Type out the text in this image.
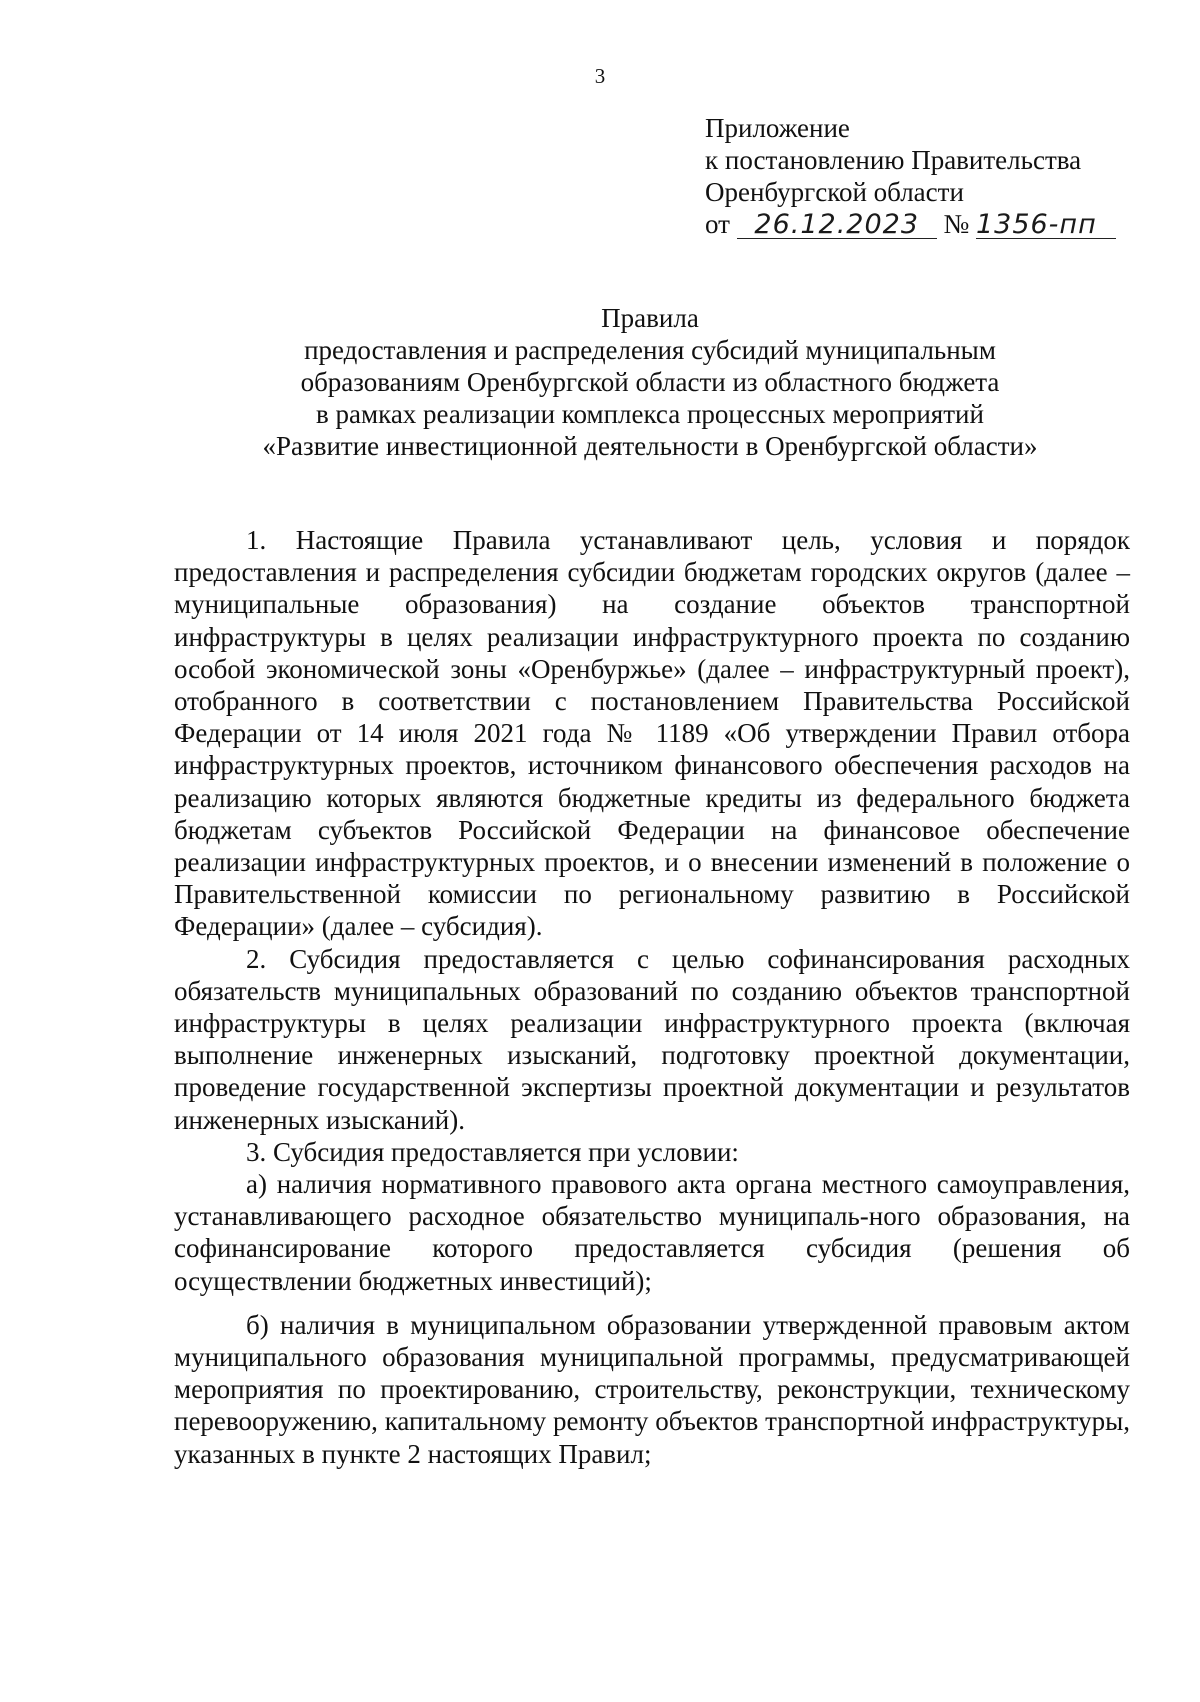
3
Приложение
к постановлению Правительства
Оренбургской области
от 26.12.2023 № 1356-пп
Правила
предоставления и распределения субсидий муниципальным
образованиям Оренбургской области из областного бюджета
в рамках реализации комплекса процессных мероприятий
«Развитие инвестиционной деятельности в Оренбургской области»

1. Настоящие Правила устанавливают цель, условия и порядок предоставления и распределения субсидии бюджетам городских округов (далее – муниципальные образования) на создание объектов транспортной инфраструктуры в целях реализации инфраструктурного проекта по созданию особой экономической зоны «Оренбуржье» (далее – инфраструктурный проект), отобранного в соответствии с постановлением Правительства Российской Федерации от 14 июля 2021 года № 1189 «Об утверждении Правил отбора инфраструктурных проектов, источником финансового обеспечения расходов на реализацию которых являются бюджетные кредиты из федерального бюджета бюджетам субъектов Российской Федерации на финансовое обеспечение реализации инфраструктурных проектов, и о внесении изменений в положение о Правительственной комиссии по региональному развитию в Российской Федерации» (далее – субсидия).

2. Субсидия предоставляется с целью софинансирования расходных обязательств муниципальных образований по созданию объектов транспортной инфраструктуры в целях реализации инфраструктурного проекта (включая выполнение инженерных изысканий, подготовку проектной документации, проведение государственной экспертизы проектной документации и результатов инженерных изысканий).

3. Субсидия предоставляется при условии:

а) наличия нормативного правового акта органа местного самоуправления, устанавливающего расходное обязательство муниципаль-ного образования, на софинансирование которого предоставляется субсидия (решения об осуществлении бюджетных инвестиций);

б) наличия в муниципальном образовании утвержденной правовым актом муниципального образования муниципальной программы, предусматривающей мероприятия по проектированию, строительству, реконструкции, техническому перевооружению, капитальному ремонту объектов транспортной инфраструктуры, указанных в пункте 2 настоящих Правил;
